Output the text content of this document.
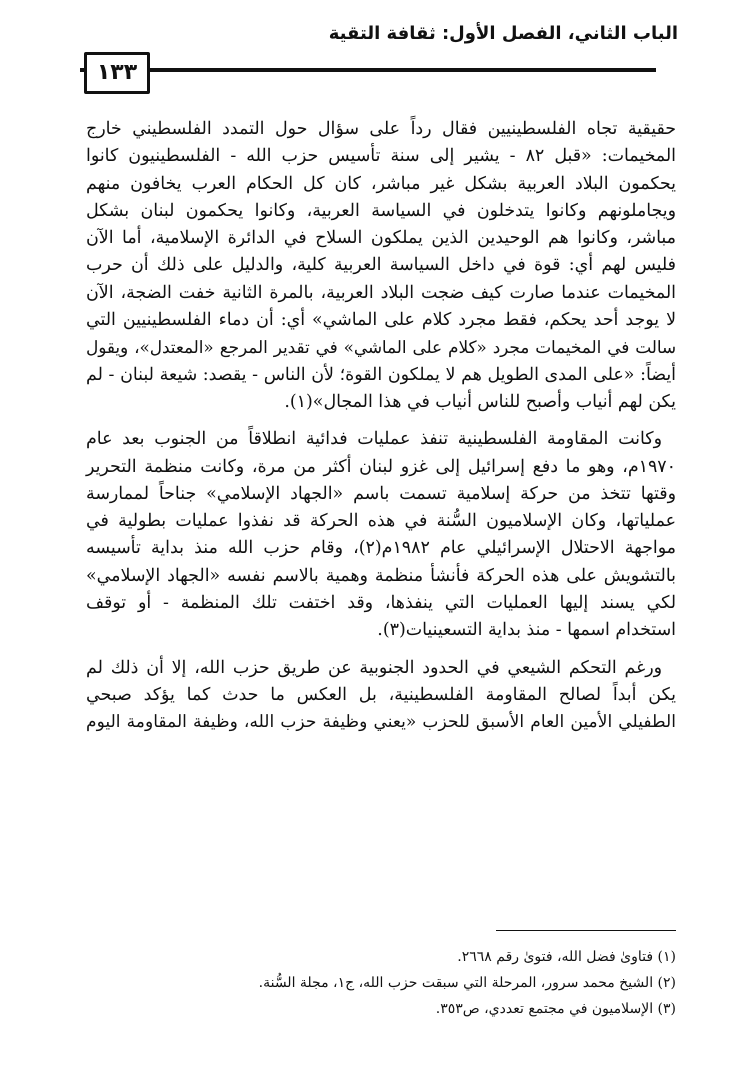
الباب الثاني، الفصل الأول: ثقافة التقية
١٣٣
حقيقية تجاه الفلسطينيين فقال رداً على سؤال حول التمدد الفلسطيني خارج
المخيمات: «قبل ٨٢ - يشير إلى سنة تأسيس حزب الله - الفلسطينيون كانوا
يحكمون البلاد العربية بشكل غير مباشر، كان كل الحكام العرب يخافون منهم
ويجاملونهم وكانوا يتدخلون في السياسة العربية، وكانوا يحكمون لبنان بشكل
مباشر، وكانوا هم الوحيدين الذين يملكون السلاح في الدائرة الإسلامية، أما الآن
فليس لهم أي: قوة في داخل السياسة العربية كلية، والدليل على ذلك أن حرب
المخيمات عندما صارت كيف ضجت البلاد العربية، بالمرة الثانية خفت الضجة، الآن
لا يوجد أحد يحكم، فقط مجرد كلام على الماشي» أي: أن دماء الفلسطينيين التي
سالت في المخيمات مجرد «كلام على الماشي» في تقدير المرجع «المعتدل»، ويقول
أيضاً: «على المدى الطويل هم لا يملكون القوة؛ لأن الناس - يقصد: شيعة لبنان - لم
يكن لهم أنياب وأصبح للناس أنياب في هذا المجال»(١).
وكانت المقاومة الفلسطينية تنفذ عمليات فدائية انطلاقاً من الجنوب بعد عام
١٩٧٠م، وهو ما دفع إسرائيل إلى غزو لبنان أكثر من مرة، وكانت منظمة التحرير
وقتها تتخذ من حركة إسلامية تسمت باسم «الجهاد الإسلامي» جناحاً لممارسة
عملياتها، وكان الإسلاميون السُّنة في هذه الحركة قد نفذوا عمليات بطولية في
مواجهة الاحتلال الإسرائيلي عام ١٩٨٢م(٢)، وقام حزب الله منذ بداية تأسيسه
بالتشويش على هذه الحركة فأنشأ منظمة وهمية بالاسم نفسه «الجهاد الإسلامي»
لكي يسند إليها العمليات التي ينفذها، وقد اختفت تلك المنظمة - أو توقف
استخدام اسمها - منذ بداية التسعينيات(٣).
ورغم التحكم الشيعي في الحدود الجنوبية عن طريق حزب الله، إلا أن ذلك لم
يكن أبداً لصالح المقاومة الفلسطينية، بل العكس ما حدث كما يؤكد صبحي
الطفيلي الأمين العام الأسبق للحزب «يعني وظيفة حزب الله، وظيفة المقاومة اليوم
(١) فتاوىٰ فضل الله، فتوىٰ رقم ٢٦٦٨.
(٢) الشيخ محمد سرور، المرحلة التي سبقت حزب الله، ج١، مجلة السُّنة.
(٣) الإسلاميون في مجتمع تعددي، ص٣٥٣.
